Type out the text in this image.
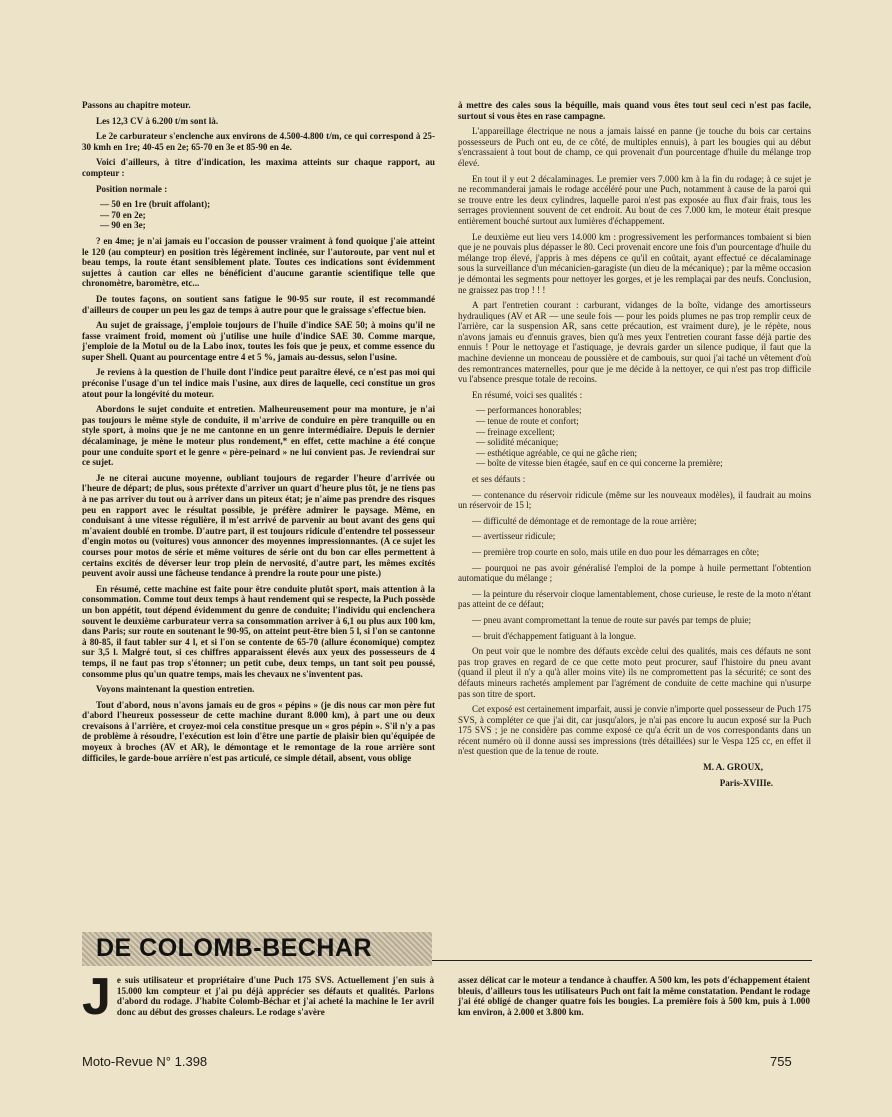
Passons au chapitre moteur.

Les 12,3 CV à 6.200 t/m sont là.

Le 2e carburateur s'enclenche aux environs de 4.500-4.800 t/m, ce qui correspond à 25-30 kmh en 1re; 40-45 en 2e; 65-70 en 3e et 85-90 en 4e.

Voici d'ailleurs, à titre d'indication, les maxima atteints sur chaque rapport, au compteur :

Position normale :

— 50 en 1re (bruit affolant);
— 70 en 2e;
— 90 en 3e;

? en 4me; je n'ai jamais eu l'occasion de pousser vraiment à fond quoique j'aie atteint le 120 (au compteur) en position très légèrement inclinée, sur l'autoroute, par vent nul et beau temps, la route étant sensiblement plate. Toutes ces indications sont évidemment sujettes à caution car elles ne bénéficient d'aucune garantie scientifique telle que chronomètre, baromètre, etc...

De toutes façons, on soutient sans fatigue le 90-95 sur route, il est recommandé d'ailleurs de couper un peu les gaz de temps à autre pour que le graissage s'effectue bien.

Au sujet de graissage, j'emploie toujours de l'huile d'indice SAE 50; à moins qu'il ne fasse vraiment froid, moment où j'utilise une huile d'indice SAE 30. Comme marque, j'emploie de la Motul ou de la Labo inox, toutes les fois que je peux, et comme essence du super Shell. Quant au pourcentage entre 4 et 5 %, jamais au-dessus, selon l'usine.

Je reviens à la question de l'huile dont l'indice peut paraître élevé, ce n'est pas moi qui préconise l'usage d'un tel indice mais l'usine, aux dires de laquelle, ceci constitue un gros atout pour la longévité du moteur.

Abordons le sujet conduite et entretien. Malheureusement pour ma monture, je n'ai pas toujours le même style de conduite, il m'arrive de conduire en père tranquille ou en style sport, à moins que je ne me cantonne en un genre intermédiaire. Depuis le dernier décalaminage, je mène le moteur plus rondement,* en effet, cette machine a été conçue pour une conduite sport et le genre « père-peinard » ne lui convient pas. Je reviendrai sur ce sujet.

Je ne citerai aucune moyenne, oubliant toujours de regarder l'heure d'arrivée ou l'heure de départ; de plus, sous prétexte d'arriver un quart d'heure plus tôt, je ne tiens pas à ne pas arriver du tout ou à arriver dans un piteux état; je n'aime pas prendre des risques peu en rapport avec le résultat possible, je préfère admirer le paysage. Même, en conduisant à une vitesse régulière, il m'est arrivé de parvenir au bout avant des gens qui m'avaient doublé en trombe. D'autre part, il est toujours ridicule d'entendre tel possesseur d'engin motos ou (voitures) vous annoncer des moyennes impressionnantes. (A ce sujet les courses pour motos de série et même voitures de série ont du bon car elles permettent à certains excités de déverser leur trop plein de nervosité, d'autre part, les mêmes excités peuvent avoir aussi une fâcheuse tendance à prendre la route pour une piste.)

En résumé, cette machine est faite pour être conduite plutôt sport, mais attention à la consommation. Comme tout deux temps à haut rendement qui se respecte, la Puch possède un bon appétit, tout dépend évidemment du genre de conduite; l'individu qui enclenchera souvent le deuxième carburateur verra sa consommation arriver à 6,1 ou plus aux 100 km, dans Paris; sur route en soutenant le 90-95, on atteint peut-être bien 5 l, si l'on se cantonne à 80-85, il faut tabler sur 4 l, et si l'on se contente de 65-70 (allure économique) comptez sur 3,5 l. Malgré tout, si ces chiffres apparaissent élevés aux yeux des possesseurs de 4 temps, il ne faut pas trop s'étonner; un petit cube, deux temps, un tant soit peu poussé, consomme plus qu'un quatre temps, mais les chevaux ne s'inventent pas.

Voyons maintenant la question entretien.

Tout d'abord, nous n'avons jamais eu de gros « pépins » (je dis nous car mon père fut d'abord l'heureux possesseur de cette machine durant 8.000 km), à part une ou deux crevaisons à l'arrière, et croyez-moi cela constitue presque un « gros pépin ». S'il n'y a pas de problème à résoudre, l'exécution est loin d'être une partie de plaisir bien qu'équipée de moyeux à broches (AV et AR), le démontage et le remontage de la roue arrière sont difficiles, le garde-boue arrière n'est pas articulé, ce simple détail, absent, vous oblige

à mettre des cales sous la béquille, mais quand vous êtes tout seul ceci n'est pas facile, surtout si vous êtes en rase campagne.

L'appareillage électrique ne nous a jamais laissé en panne (je touche du bois car certains possesseurs de Puch ont eu, de ce côté, de multiples ennuis), à part les bougies qui au début s'encrassaient à tout bout de champ, ce qui provenait d'un pourcentage d'huile du mélange trop élevé.

En tout il y eut 2 décalaminages. Le premier vers 7.000 km à la fin du rodage; à ce sujet je ne recommanderai jamais le rodage accéléré pour une Puch, notamment à cause de la paroi qui se trouve entre les deux cylindres, laquelle paroi n'est pas exposée au flux d'air frais, tous les serrages proviennent souvent de cet endroit. Au bout de ces 7.000 km, le moteur était presque entièrement bouché surtout aux lumières d'échappement.

Le deuxième eut lieu vers 14.000 km : progressivement les performances tombaient si bien que je ne pouvais plus dépasser le 80. Ceci provenait encore une fois d'un pourcentage d'huile du mélange trop élevé, j'appris à mes dépens ce qu'il en coûtait, ayant effectué ce décalaminage sous la surveillance d'un mécanicien-garagiste (un dieu de la mécanique) ; par la même occasion je démontai les segments pour nettoyer les gorges, et je les remplaçai par des neufs. Conclusion, ne graissez pas trop ! ! !

A part l'entretien courant : carburant, vidanges de la boîte, vidange des amortisseurs hydrauliques (AV et AR — une seule fois — pour les poids plumes ne pas trop remplir ceux de l'arrière, car la suspension AR, sans cette précaution, est vraiment dure), je le répète, nous n'avons jamais eu d'ennuis graves, bien qu'à mes yeux l'entretien courant fasse déjà partie des ennuis ! Pour le nettoyage et l'astiquage, je devrais garder un silence pudique, il faut que la machine devienne un monceau de poussière et de cambouis, sur quoi j'ai taché un vêtement d'où des remontrances maternelles, pour que je me décide à la nettoyer, ce qui n'est pas trop difficile vu l'absence presque totale de recoins.

En résumé, voici ses qualités :

— performances honorables;
— tenue de route et confort;
— freinage excellent;
— solidité mécanique;
— esthétique agréable, ce qui ne gâche rien;
— boîte de vitesse bien étagée, sauf en ce qui concerne la première;

et ses défauts :

— contenance du réservoir ridicule (même sur les nouveaux modèles), il faudrait au moins un réservoir de 15 l;

— difficulté de démontage et de remontage de la roue arrière;

— avertisseur ridicule;

— première trop courte en solo, mais utile en duo pour les démarrages en côte;

— pourquoi ne pas avoir généralisé l'emploi de la pompe à huile permettant l'obtention automatique du mélange ;

— la peinture du réservoir cloque lamentablement, chose curieuse, le reste de la moto n'étant pas atteint de ce défaut;

— pneu avant compromettant la tenue de route sur pavés par temps de pluie;

— bruit d'échappement fatiguant à la longue.

On peut voir que le nombre des défauts excède celui des qualités, mais ces défauts ne sont pas trop graves en regard de ce que cette moto peut procurer, sauf l'histoire du pneu avant (quand il pleut il n'y a qu'à aller moins vite) ils ne compromettent pas la sécurité; ce sont des défauts mineurs rachetés amplement par l'agrément de conduite de cette machine qui n'usurpe pas son titre de sport.

Cet exposé est certainement imparfait, aussi je convie n'importe quel possesseur de Puch 175 SVS, à compléter ce que j'ai dit, car jusqu'alors, je n'ai pas encore lu aucun exposé sur la Puch 175 SVS ; je ne considère pas comme exposé ce qu'a écrit un de vos correspondants dans un récent numéro où il donne aussi ses impressions (très détaillées) sur le Vespa 125 cc, en effet il n'est question que de la tenue de route.

M. A. GROUX,

Paris-XVIIIe.

DE COLOMB-BECHAR
J e suis utilisateur et propriétaire d'une Puch 175 SVS. Actuellement j'en suis à 15.000 km compteur et j'ai pu déjà apprécier ses défauts et qualités. Parlons d'abord du rodage. J'habite Colomb-Béchar et j'ai acheté la machine le 1er avril donc au début des grosses chaleurs. Le rodage s'avère

assez délicat car le moteur a tendance à chauffer. A 500 km, les pots d'échappement étaient bleuis, d'ailleurs tous les utilisateurs Puch ont fait la même constatation. Pendant le rodage j'ai été obligé de changer quatre fois les bougies. La première fois à 500 km, puis à 1.000 km environ, à 2.000 et 3.800 km.

Moto-Revue N° 1.398	755
